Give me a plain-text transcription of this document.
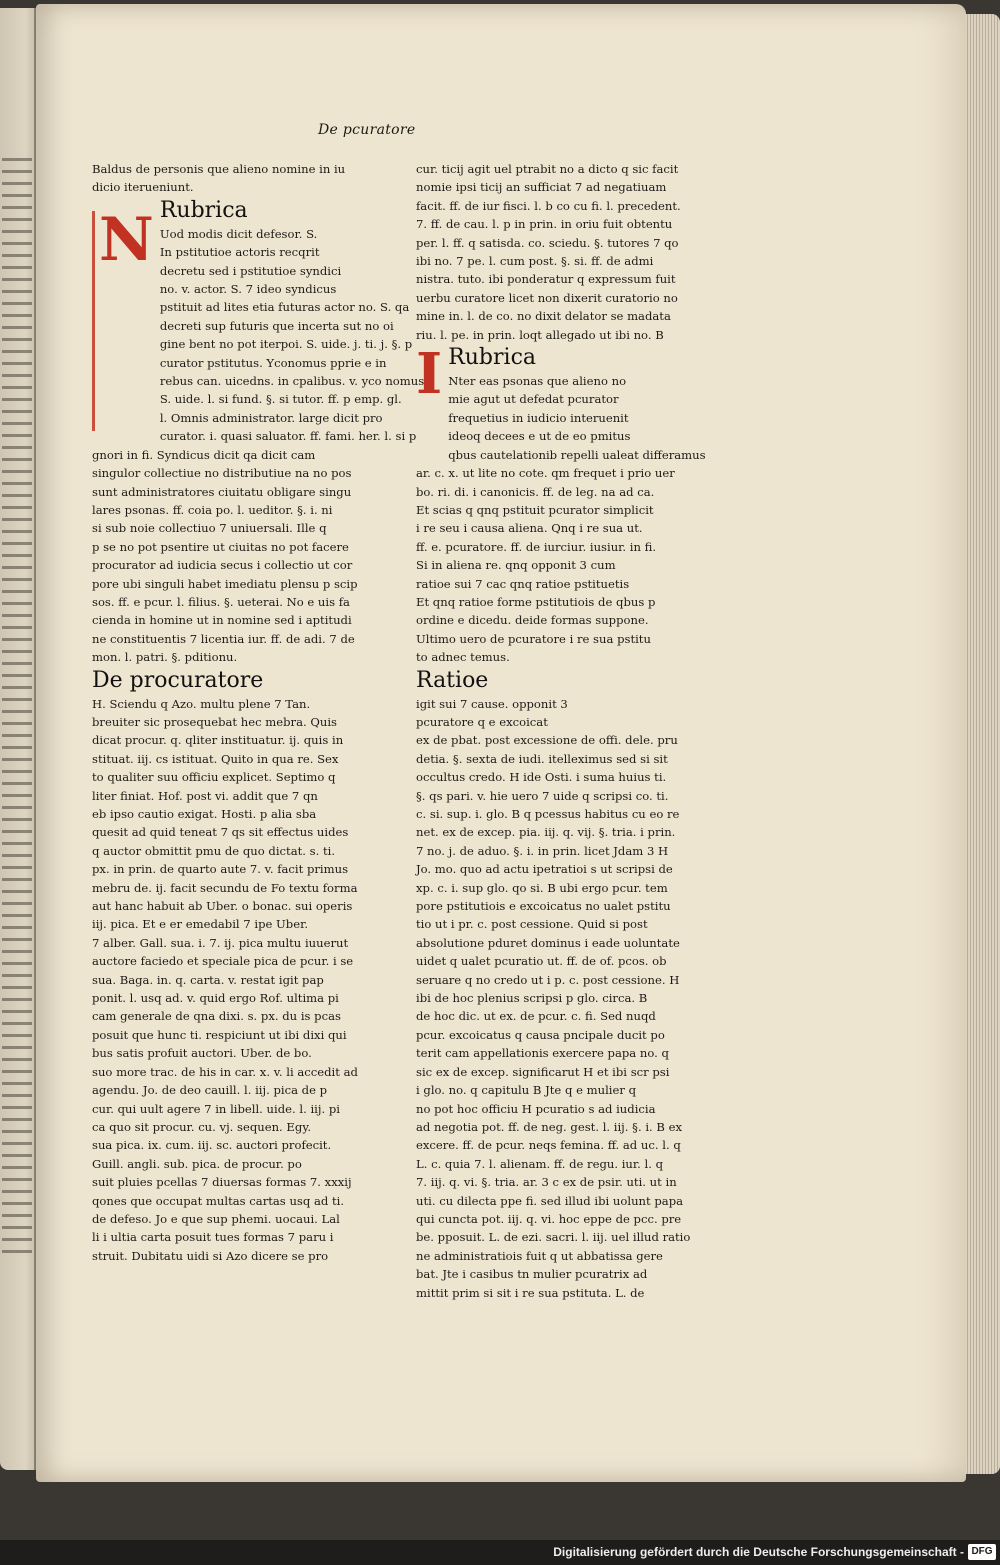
De pcuratore

Baldus de personis que alieno nomine in iu

dicio iterueniunt.

N Rubrica

Uod modis dicit defesor. S.

In pstitutioe actoris recqrit

decretu sed i pstitutioe syndici

no. v. actor. S. 7 ideo syndicus

pstituit ad lites etia futuras actor no. S. qa

decreti sup futuris que incerta sut no oi

gine bent no pot iterpoi. S. uide. j. ti. j. §. p

curator pstitutus. Yconomus pprie e in

rebus can. uicedns. in cpalibus. v. yco nomus

S. uide. l. si fund. §. si tutor. ff. p emp. gl.

l. Omnis administrator. large dicit pro

curator. i. quasi saluator. ff. fami. her. l. si p

gnori in fi. Syndicus dicit qa dicit cam

singulor collectiue no distributiue na no pos

sunt administratores ciuitatu obligare singu

lares psonas. ff. coia po. l. ueditor. §. i. ni

si sub noie collectiuo 7 uniuersali. Ille q

p se no pot psentire ut ciuitas no pot facere

procurator ad iudicia secus i collectio ut cor

pore ubi singuli habet imediatu plensu p scip

sos. ff. e pcur. l. filius. §. ueterai. No e uis fa

cienda in homine ut in nomine sed i aptitudi

ne constituentis 7 licentia iur. ff. de adi. 7 de

mon. l. patri. §. pditionu.

De procuratore

H. Sciendu q Azo. multu plene 7 Tan.

breuiter sic prosequebat hec mebra. Quis

dicat procur. q. qliter instituatur. ij. quis in

stituat. iij. cs istituat. Quito in qua re. Sex

to qualiter suu officiu explicet. Septimo q

liter finiat. Hof. post vi. addit que 7 qn

eb ipso cautio exigat. Hosti. p alia sba

quesit ad quid teneat 7 qs sit effectus uides

q auctor obmittit pmu de quo dictat. s. ti.

px. in prin. de quarto aute 7. v. facit primus

mebru de. ij. facit secundu de Fo textu forma

aut hanc habuit ab Uber. o bonac. sui operis

iij. pica. Et e er emedabil 7 ipe Uber.

7 alber. Gall. sua. i. 7. ij. pica multu iuuerut

auctore faciedo et speciale pica de pcur. i se

sua. Baga. in. q. carta. v. restat igit pap

ponit. l. usq ad. v. quid ergo Rof. ultima pi

cam generale de qna dixi. s. px. du is pcas

posuit que hunc ti. respiciunt ut ibi dixi qui

bus satis profuit auctori. Uber. de bo.

suo more trac. de his in car. x. v. li accedit ad

agendu. Jo. de deo cauill. l. iij. pica de p

cur. qui uult agere 7 in libell. uide. l. iij. pi

ca quo sit procur. cu. vj. sequen. Egy.

sua pica. ix. cum. iij. sc. auctori profecit.

Guill. angli. sub. pica. de procur. po

suit pluies pcellas 7 diuersas formas 7. xxxij

qones que occupat multas cartas usq ad ti.

de defeso. Jo e que sup phemi. uocaui. Lal

li i ultia carta posuit tues formas 7 paru i

struit. Dubitatu uidi si Azo dicere se pro

cur. ticij agit uel ptrabit no a dicto q sic facit

nomie ipsi ticij an sufficiat 7 ad negatiuam

facit. ff. de iur fisci. l. b co cu fi. l. precedent.

7. ff. de cau. l. p in prin. in oriu fuit obtentu

per. l. ff. q satisda. co. sciedu. §. tutores 7 qo

ibi no. 7 pe. l. cum post. §. si. ff. de admi

nistra. tuto. ibi ponderatur q expressum fuit

uerbu curatore licet non dixerit curatorio no

mine in. l. de co. no dixit delator se madata

riu. l. pe. in prin. loqt allegado ut ibi no. B

I Rubrica

Nter eas psonas que alieno no

mie agut ut defedat pcurator

frequetius in iudicio interuenit

ideoq decees e ut de eo pmitus

qbus cautelationib repelli ualeat differamus

ar. c. x. ut lite no cote. qm frequet i prio uer

bo. ri. di. i canonicis. ff. de leg. na ad ca.

Et scias q qnq pstituit pcurator simplicit

i re seu i causa aliena. Qnq i re sua ut.

ff. e. pcuratore. ff. de iurciur. iusiur. in fi.

Si in aliena re. qnq opponit 3 cum

ratioe sui 7 cac qnq ratioe pstituetis

Et qnq ratioe forme pstitutiois de qbus p

ordine e dicedu. deide formas suppone.

Ultimo uero de pcuratore i re sua pstitu

to adnec temus.

Ratioe

igit sui 7 cause. opponit 3

pcuratore q e excoicat

ex de pbat. post excessione de offi. dele. pru

detia. §. sexta de iudi. itelleximus sed si sit

occultus credo. H ide Osti. i suma huius ti.

§. qs pari. v. hie uero 7 uide q scripsi co. ti.

c. si. sup. i. glo. B q pcessus habitus cu eo re

net. ex de excep. pia. iij. q. vij. §. tria. i prin.

7 no. j. de aduo. §. i. in prin. licet Jdam 3 H

Jo. mo. quo ad actu ipetratioi s ut scripsi de

xp. c. i. sup glo. qo si. B ubi ergo pcur. tem

pore pstitutiois e excoicatus no ualet pstitu

tio ut i pr. c. post cessione. Quid si post

absolutione pduret dominus i eade uoluntate

uidet q ualet pcuratio ut. ff. de of. pcos. ob

seruare q no credo ut i p. c. post cessione. H

ibi de hoc plenius scripsi p glo. circa. B

de hoc dic. ut ex. de pcur. c. fi. Sed nuqd

pcur. excoicatus q causa pncipale ducit po

terit cam appellationis exercere papa no. q

sic ex de excep. significarut H et ibi scr psi

i glo. no. q capitulu B Jte q e mulier q

no pot hoc officiu H pcuratio s ad iudicia

ad negotia pot. ff. de neg. gest. l. iij. §. i. B ex

excere. ff. de pcur. neqs femina. ff. ad uc. l. q

L. c. quia 7. l. alienam. ff. de regu. iur. l. q

7. iij. q. vi. §. tria. ar. 3 c ex de psir. uti. ut in

uti. cu dilecta ppe fi. sed illud ibi uolunt papa

qui cuncta pot. iij. q. vi. hoc eppe de pcc. pre

be. pposuit. L. de ezi. sacri. l. iij. uel illud ratio

ne administratiois fuit q ut abbatissa gere

bat. Jte i casibus tn mulier pcuratrix ad

mittit prim si sit i re sua pstituta. L. de

Digitalisierung gefördert durch die Deutsche Forschungsgemeinschaft - DFG
